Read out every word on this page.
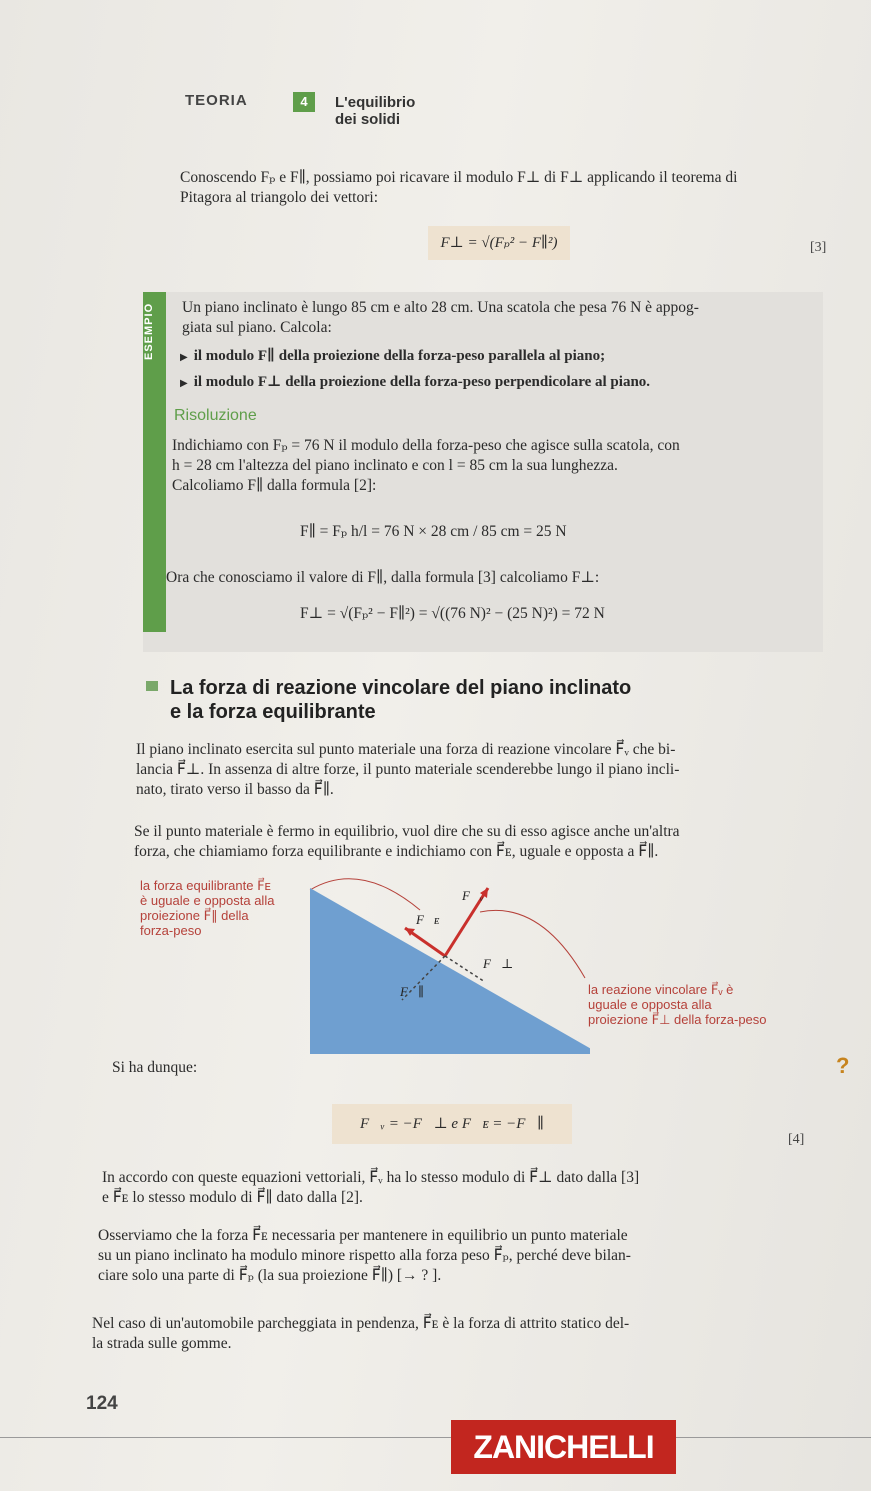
TEORIA	4	L'equilibrio dei solidi
Conoscendo Fₚ e F∥, possiamo poi ricavare il modulo F⊥ di F⊥ applicando il teorema di
Pitagora al triangolo dei vettori:
F⊥ = √(Fₚ² − F∥²)	[3]
ESEMPIO	Un piano inclinato è lungo 85 cm e alto 28 cm. Una scatola che pesa 76 N è appog-
giata sul piano. Calcola:
▶ il modulo F∥ della proiezione della forza-peso parallela al piano;
▶ il modulo F⊥ della proiezione della forza-peso perpendicolare al piano.
Risoluzione
Indichiamo con Fₚ = 76 N il modulo della forza-peso che agisce sulla scatola, con
h = 28 cm l'altezza del piano inclinato e con l = 85 cm la sua lunghezza.
Calcoliamo F∥ dalla formula [2]:
F∥ = Fₚ h/l = 76 N × 28 cm / 85 cm = 25 N
Ora che conosciamo il valore di F∥, dalla formula [3] calcoliamo F⊥:
F⊥ = √(Fₚ² − F∥²) = √((76 N)² − (25 N)²) = 72 N
La forza di reazione vincolare del piano inclinato
e la forza equilibrante
Il piano inclinato esercita sul punto materiale una forza di reazione vincolare F⃗ᵥ che bi-
lancia F⃗⊥. In assenza di altre forze, il punto materiale scenderebbe lungo il piano incli-
nato, tirato verso il basso da F⃗∥.
Se il punto materiale è fermo in equilibrio, vuol dire che su di esso agisce anche un'altra
forza, che chiamiamo forza equilibrante e indichiamo con F⃗ᴇ, uguale e opposta a F⃗∥.
la forza equilibrante F⃗ᴇ
è uguale e opposta alla
proiezione F⃗∥ della
forza-peso
F⃗ᵥ
F⃗ᴇ
F⃗⊥
F⃗∥	la reazione vincolare F⃗ᵥ è
uguale e opposta alla
proiezione F⃗⊥ della forza-peso
Si ha dunque:	?
F⃗ᵥ = −F⃗⊥ e F⃗ᴇ = −F⃗∥
[4]
In accordo con queste equazioni vettoriali, F⃗ᵥ ha lo stesso modulo di F⃗⊥ dato dalla [3]
e F⃗ᴇ lo stesso modulo di F⃗∥ dato dalla [2].
Osserviamo che la forza F⃗ᴇ necessaria per mantenere in equilibrio un punto materiale
su un piano inclinato ha modulo minore rispetto alla forza peso F⃗ₚ, perché deve bilan-
ciare solo una parte di F⃗ₚ (la sua proiezione F⃗∥) [→ ? ].
Nel caso di un'automobile parcheggiata in pendenza, F⃗ᴇ è la forza di attrito statico del-
la strada sulle gomme.
124
ZANICHELLI
